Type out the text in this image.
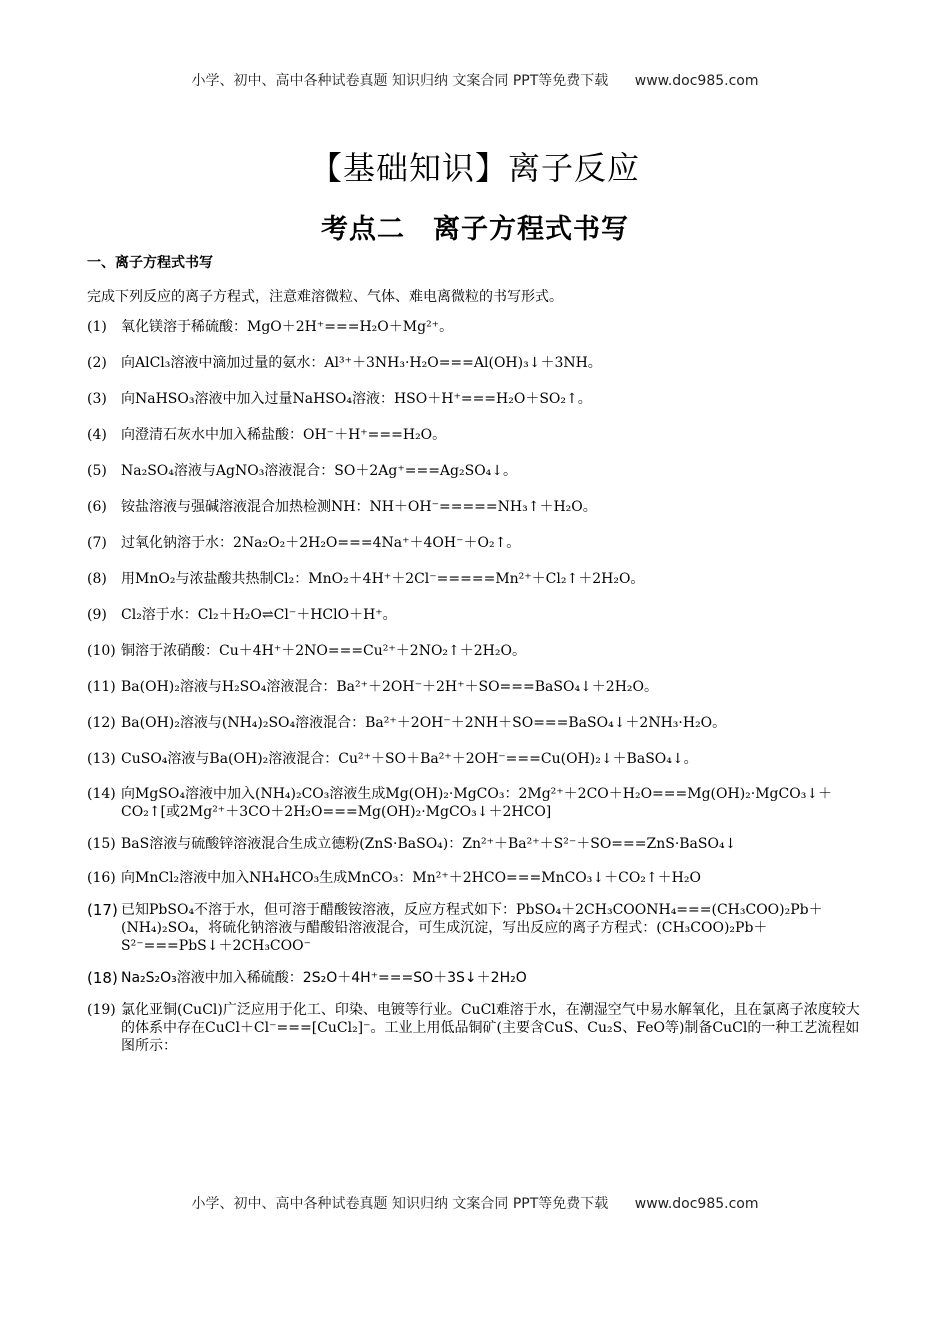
小学、初中、高中各种试卷真题 知识归纳 文案合同 PPT等免费下载 www.doc985.com
【基础知识】离子反应
考点二　离子方程式书写
一、离子方程式书写
完成下列反应的离子方程式，注意难溶微粒、气体、难电离微粒的书写形式。
(1)	氧化镁溶于稀硫酸：MgO＋2H⁺===H₂O＋Mg²⁺。
(2)	向AlCl₃溶液中滴加过量的氨水：Al³⁺＋3NH₃·H₂O===Al(OH)₃↓＋3NH。
(3)	向NaHSO₃溶液中加入过量NaHSO₄溶液：HSO＋H⁺===H₂O＋SO₂↑。
(4)	向澄清石灰水中加入稀盐酸：OH⁻＋H⁺===H₂O。
(5)	Na₂SO₄溶液与AgNO₃溶液混合：SO＋2Ag⁺===Ag₂SO₄↓。
(6)	铵盐溶液与强碱溶液混合加热检测NH：NH＋OH⁻=====NH₃↑＋H₂O。
(7)	过氧化钠溶于水：2Na₂O₂＋2H₂O===4Na⁺＋4OH⁻＋O₂↑。
(8)	用MnO₂与浓盐酸共热制Cl₂：MnO₂＋4H⁺＋2Cl⁻=====Mn²⁺＋Cl₂↑＋2H₂O。
(9)	Cl₂溶于水：Cl₂＋H₂O⇌Cl⁻＋HClO＋H⁺。
(10) 铜溶于浓硝酸：Cu＋4H⁺＋2NO===Cu²⁺＋2NO₂↑＋2H₂O。
(11) Ba(OH)₂溶液与H₂SO₄溶液混合：Ba²⁺＋2OH⁻＋2H⁺＋SO===BaSO₄↓＋2H₂O。
(12) Ba(OH)₂溶液与(NH₄)₂SO₄溶液混合：Ba²⁺＋2OH⁻＋2NH＋SO===BaSO₄↓＋2NH₃·H₂O。
(13) CuSO₄溶液与Ba(OH)₂溶液混合：Cu²⁺＋SO＋Ba²⁺＋2OH⁻===Cu(OH)₂↓＋BaSO₄↓。
(14) 向MgSO₄溶液中加入(NH₄)₂CO₃溶液生成Mg(OH)₂·MgCO₃：2Mg²⁺＋2CO＋H₂O===Mg(OH)₂·MgCO₃↓＋CO₂↑[或2Mg²⁺＋3CO＋2H₂O===Mg(OH)₂·MgCO₃↓＋2HCO]
(15) BaS溶液与硫酸锌溶液混合生成立德粉(ZnS·BaSO₄)：Zn²⁺＋Ba²⁺＋S²⁻＋SO===ZnS·BaSO₄↓
(16) 向MnCl₂溶液中加入NH₄HCO₃生成MnCO₃：Mn²⁺＋2HCO===MnCO₃↓＋CO₂↑＋H₂O
(17) 已知PbSO₄不溶于水，但可溶于醋酸铵溶液，反应方程式如下：PbSO₄＋2CH₃COONH₄===(CH₃COO)₂Pb＋(NH₄)₂SO₄，将硫化钠溶液与醋酸铅溶液混合，可生成沉淀，写出反应的离子方程式：(CH₃COO)₂Pb＋S²⁻===PbS↓＋2CH₃COO⁻
(18) Na₂S₂O₃溶液中加入稀硫酸：2S₂O＋4H⁺===SO＋3S↓＋2H₂O
(19) 氯化亚铜(CuCl)广泛应用于化工、印染、电镀等行业。CuCl难溶于水，在潮湿空气中易水解氧化，且在氯离子浓度较大的体系中存在CuCl＋Cl⁻===[CuCl₂]⁻。工业上用低品铜矿(主要含CuS、Cu₂S、FeO等)制备CuCl的一种工艺流程如图所示：
小学、初中、高中各种试卷真题 知识归纳 文案合同 PPT等免费下载 www.doc985.com
